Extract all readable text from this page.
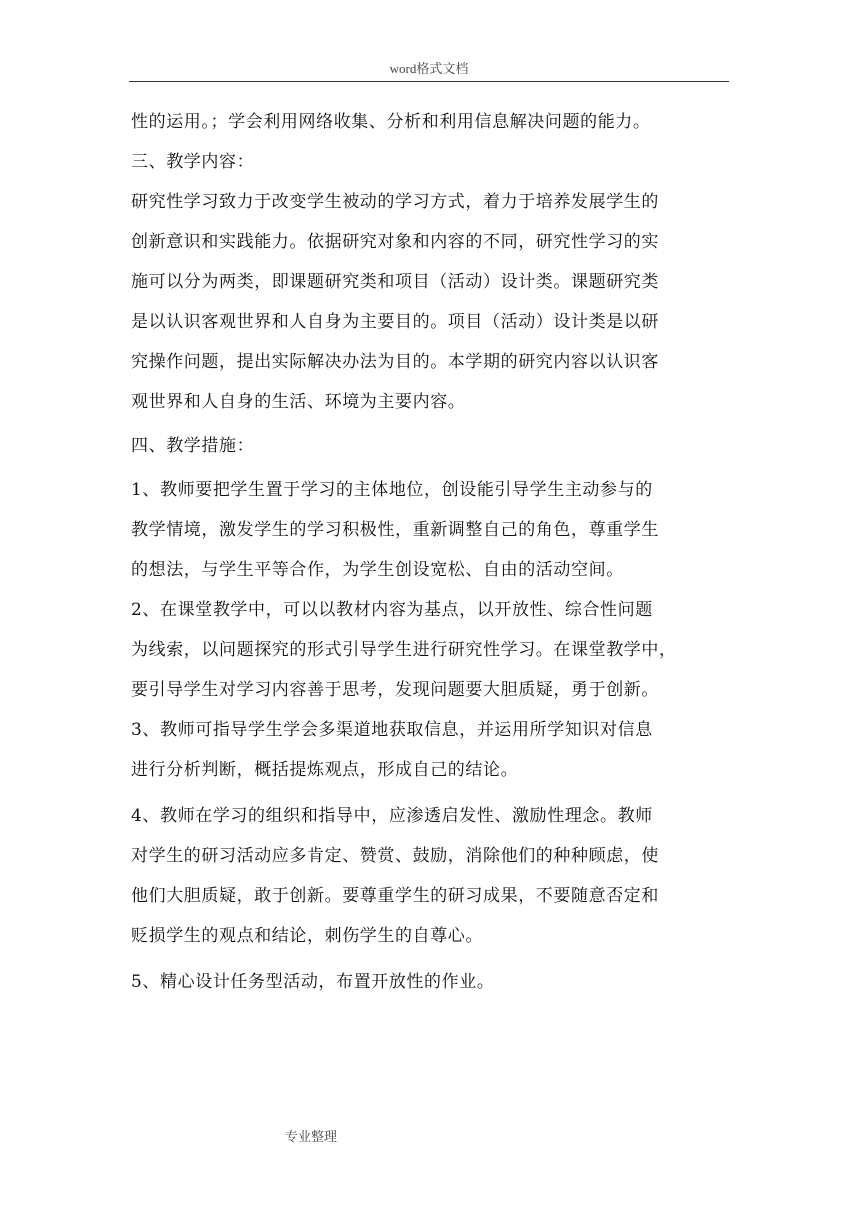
word格式文档

性的运用。；学会利用网络收集、分析和利用信息解决问题的能力。

三、教学内容：

研究性学习致力于改变学生被动的学习方式，着力于培养发展学生的

创新意识和实践能力。依据研究对象和内容的不同，研究性学习的实

施可以分为两类，即课题研究类和项目（活动）设计类。课题研究类

是以认识客观世界和人自身为主要目的。项目（活动）设计类是以研

究操作问题，提出实际解决办法为目的。本学期的研究内容以认识客

观世界和人自身的生活、环境为主要内容。

四、教学措施：

1、教师要把学生置于学习的主体地位，创设能引导学生主动参与的

教学情境，激发学生的学习积极性，重新调整自己的角色，尊重学生

的想法，与学生平等合作，为学生创设宽松、自由的活动空间。

2、在课堂教学中，可以以教材内容为基点，以开放性、综合性问题

为线索，以问题探究的形式引导学生进行研究性学习。在课堂教学中，

要引导学生对学习内容善于思考，发现问题要大胆质疑，勇于创新。

3、教师可指导学生学会多渠道地获取信息，并运用所学知识对信息

进行分析判断，概括提炼观点，形成自己的结论。

4、教师在学习的组织和指导中，应渗透启发性、激励性理念。教师

对学生的研习活动应多肯定、赞赏、鼓励，消除他们的种种顾虑，使

他们大胆质疑，敢于创新。要尊重学生的研习成果，不要随意否定和

贬损学生的观点和结论，刺伤学生的自尊心。

5、精心设计任务型活动，布置开放性的作业。

专业整理
